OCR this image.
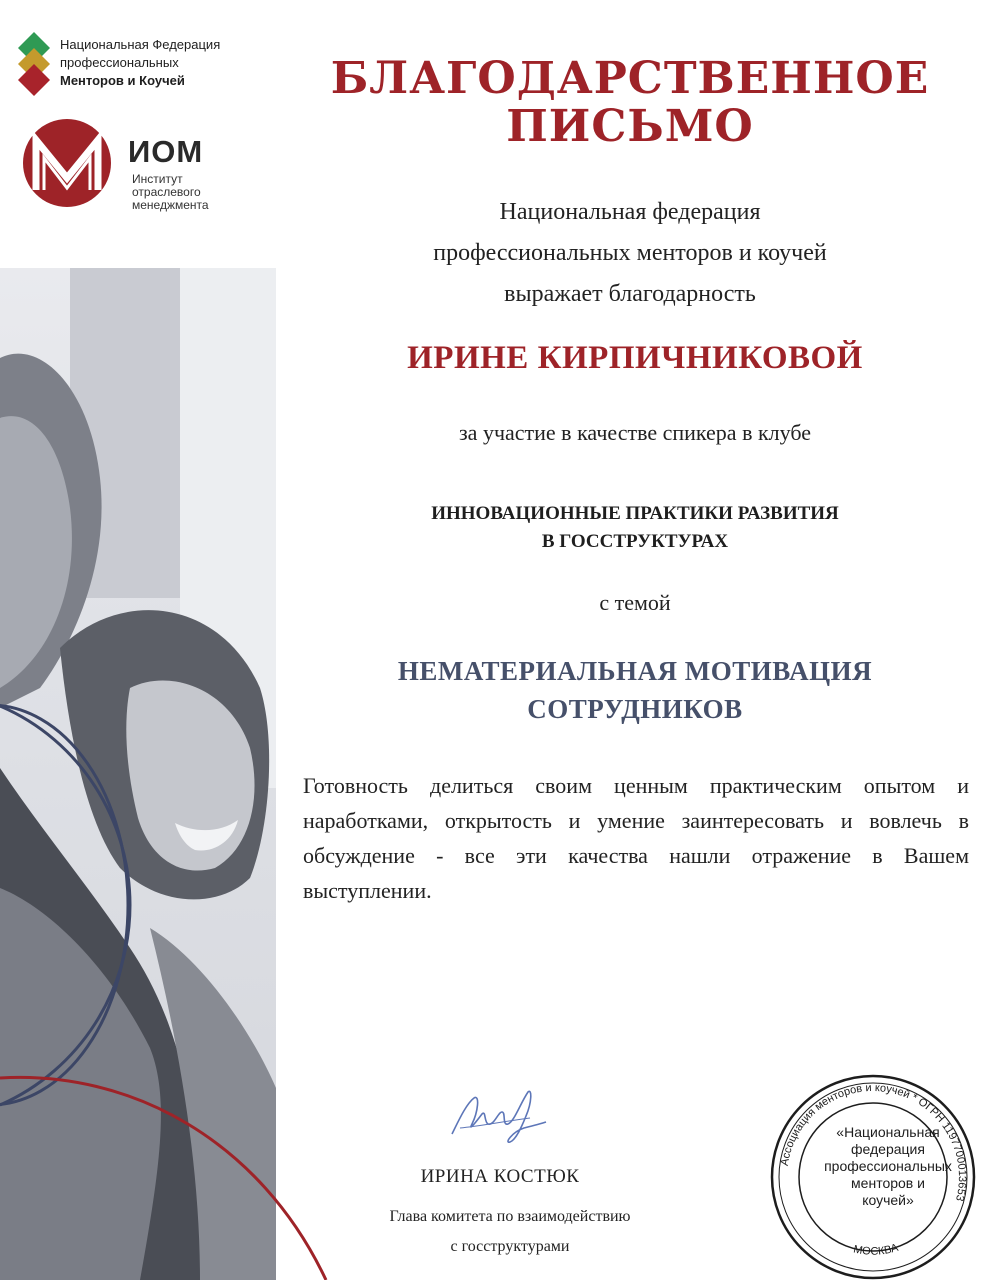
Национальная Федерация
профессиональных
Менторов и Коучей
ИОМ
Институт
отраслевого
менеджмента
БЛАГОДАРСТВЕННОЕ
ПИСЬМО
Национальная федерация
профессиональных менторов и коучей
выражает благодарность
ИРИНЕ КИРПИЧНИКОВОЙ
за участие в качестве спикера в клубе
ИННОВАЦИОННЫЕ ПРАКТИКИ РАЗВИТИЯ
В ГОССТРУКТУРАХ
с темой
НЕМАТЕРИАЛЬНАЯ МОТИВАЦИЯ
СОТРУДНИКОВ
Готовность делиться своим ценным практическим опытом и наработками, открытость и умение заинтересовать и вовлечь в обсуждение - все эти качества нашли отражение в Вашем выступлении.
ИРИНА КОСТЮК
Глава комитета по взаимодействию
с госструктурами
Ассоциация менторов и коучей * ОГРН 1197700013653
МОСКВА
«Национальная
федерация
профессиональных
менторов и
коучей»
